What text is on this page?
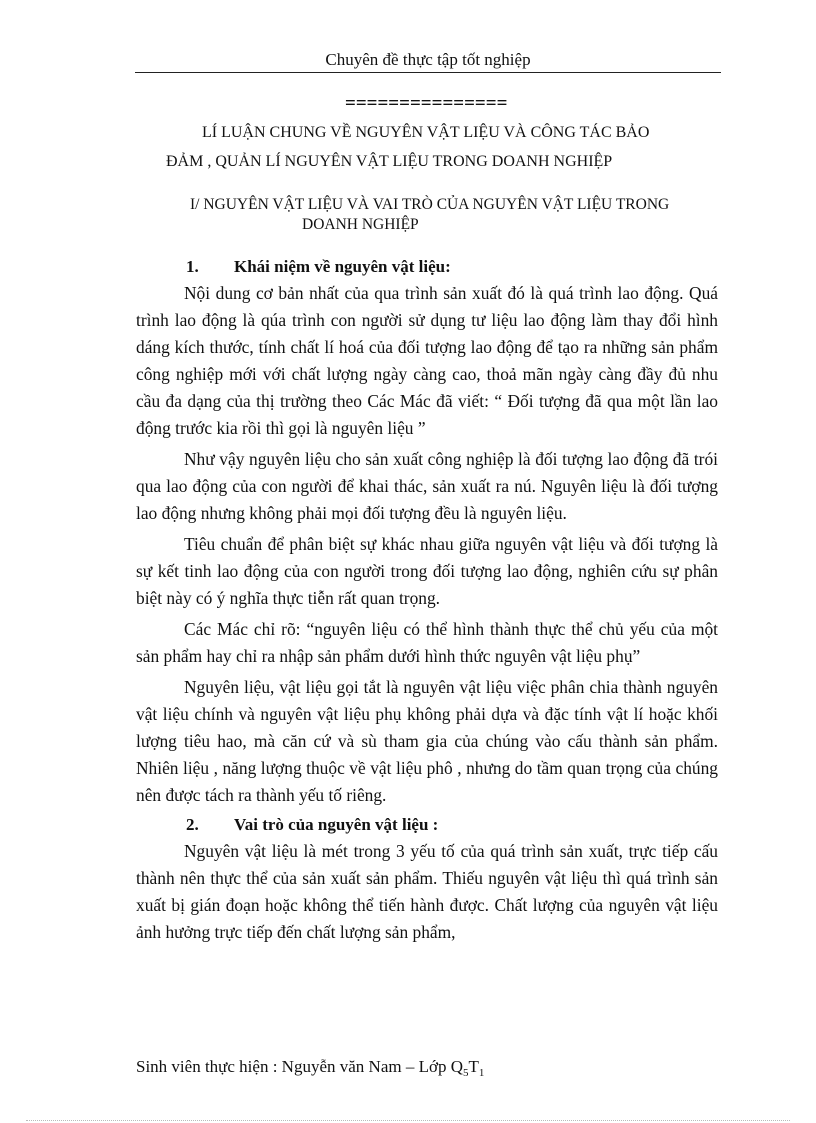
Chuyên đề thực tập tốt nghiệp
===============
LÍ LUẬN CHUNG VỀ NGUYÊN VẬT LIỆU VÀ CÔNG TÁC BẢO
ĐẢM , QUẢN LÍ NGUYÊN VẬT LIỆU TRONG DOANH NGHIỆP
I/ NGUYÊN VẬT LIỆU VÀ VAI TRÒ CỦA NGUYÊN VẬT LIỆU TRONG
DOANH NGHIỆP
1.	Khái niệm về nguyên vật liệu:

Nội dung cơ bản nhất của qua trình sản xuất đó là quá trình lao động. Quá trình lao động là qúa trình con người sử dụng tư liệu lao động làm thay đổi hình dáng kích thước, tính chất lí hoá của đối tượng lao động để tạo ra những sản phẩm công nghiệp mới với chất lượng ngày càng cao, thoả mãn ngày càng đầy đủ nhu cầu đa dạng của thị trường theo Các Mác đã viết: “ Đối tượng đã qua một lần lao động trước kia rồi thì gọi là nguyên liệu ”

Như vậy nguyên liệu cho sản xuất công nghiệp là đối tượng lao động đã trói qua lao động của con người để khai thác, sản xuất ra nú. Nguyên liệu là đối tượng lao động nhưng không phải mọi đối tượng đều là nguyên liệu.

Tiêu chuẩn để phân biệt sự khác nhau giữa nguyên vật liệu và đối tượng là sự kết tinh lao động của con người trong đối tượng lao động, nghiên cứu sự phân biệt này có ý nghĩa thực tiễn rất quan trọng.

Các Mác chỉ rõ: “nguyên liệu có thể hình thành thực thể chủ yếu của một sản phẩm hay chỉ ra nhập sản phẩm dưới hình thức nguyên vật liệu phụ”

Nguyên liệu, vật liệu gọi tắt là nguyên vật liệu việc phân chia thành nguyên vật liệu chính và nguyên vật liệu phụ không phải dựa và đặc tính vật lí hoặc khối lượng tiêu hao, mà căn cứ và sù tham gia của chúng vào cấu thành sản phẩm. Nhiên liệu , năng lượng thuộc về vật liệu phô , nhưng do tầm quan trọng của chúng nên được tách ra thành yếu tố riêng.

2.	Vai trò của nguyên vật liệu :

Nguyên vật liệu là mét trong 3 yếu tố của quá trình sản xuất, trực tiếp cấu thành nên thực thể của sản xuất sản phẩm. Thiếu nguyên vật liệu thì quá trình sản xuất bị gián đoạn hoặc không thể tiến hành được. Chất lượng của nguyên vật liệu ảnh hưởng trực tiếp đến chất lượng sản phẩm,

Sinh viên thực hiện : Nguyễn văn Nam – Lớp $Q_5T_1$
